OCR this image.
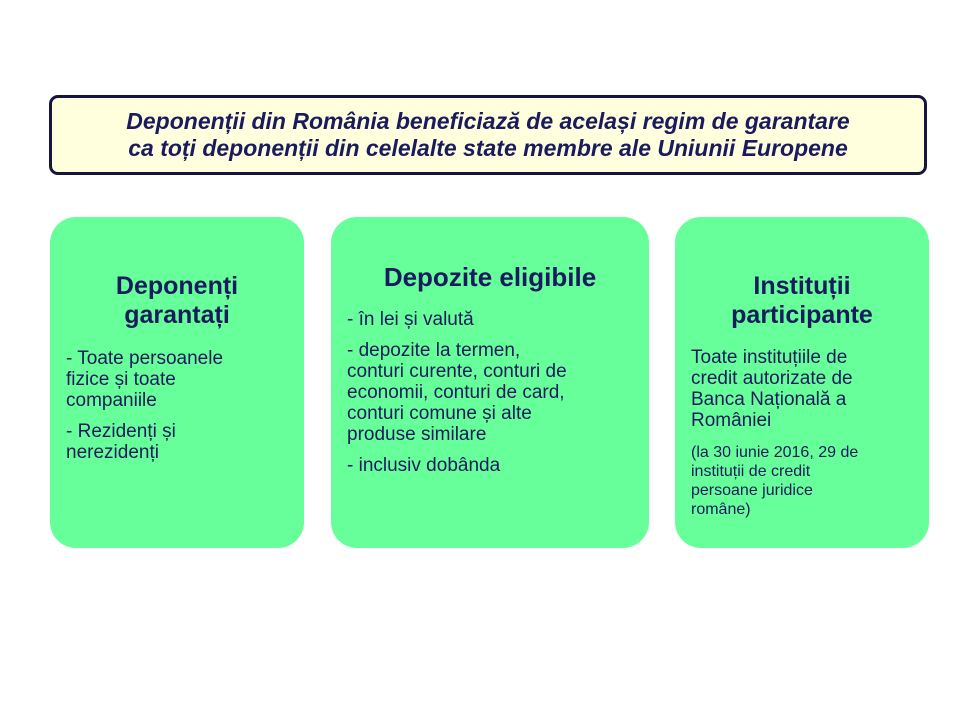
Deponenții din România beneficiază de același regim de garantare
ca toți deponenții din celelalte state membre ale Uniunii Europene
Deponenți
garantați

- Toate persoanele
fizice și toate
companiile

- Rezidenți și
nerezidenți

Depozite eligibile

- în lei și valută

- depozite la termen,
conturi curente, conturi de
economii, conturi de card,
conturi comune și alte
produse similare

- inclusiv dobânda

Instituții
participante

Toate instituțiile de
credit autorizate de
Banca Națională a
României

(la 30 iunie 2016, 29 de
instituții de credit
persoane juridice
române)
